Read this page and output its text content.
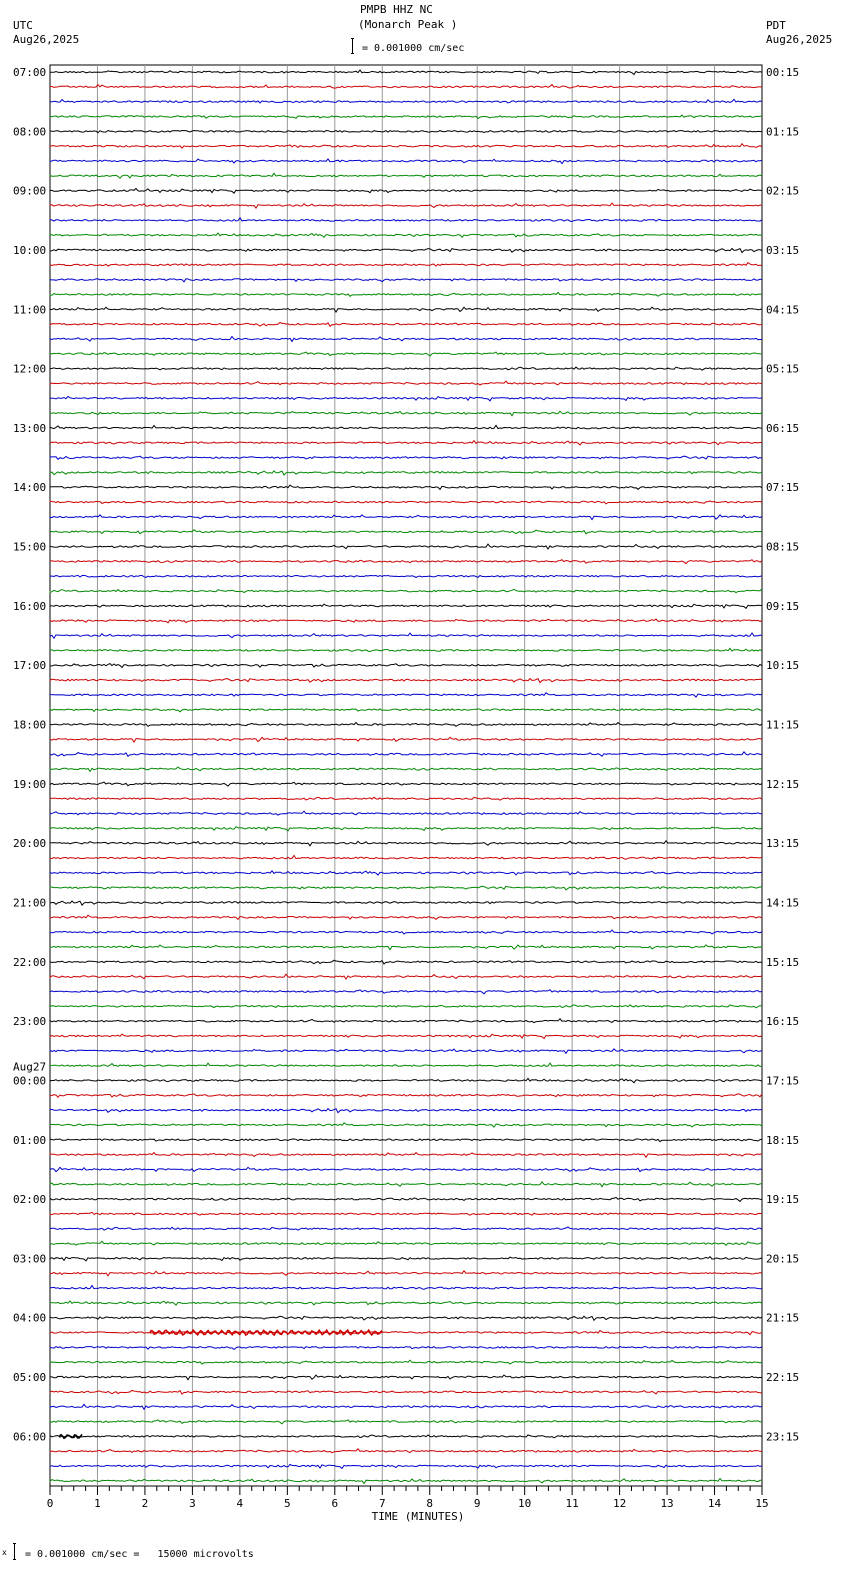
PMPB HHZ NC
(Monarch Peak )
= 0.001000 cm/sec
UTC
Aug26,2025
PDT
Aug26,2025
07:00
08:00
09:00
10:00
11:00
12:00
13:00
14:00
15:00
16:00
17:00
18:00
19:00
20:00
21:00
22:00
23:00
00:00
01:00
02:00
03:00
04:00
05:00
06:00
Aug27
00:15
01:15
02:15
03:15
04:15
05:15
06:15
07:15
08:15
09:15
10:15
11:15
12:15
13:15
14:15
15:15
16:15
17:15
18:15
19:15
20:15
21:15
22:15
23:15
0	1	2	3	4	5	6	7	8	9	10	11	12	13	14	15
TIME (MINUTES)
x = 0.001000 cm/sec =   15000 microvolts
